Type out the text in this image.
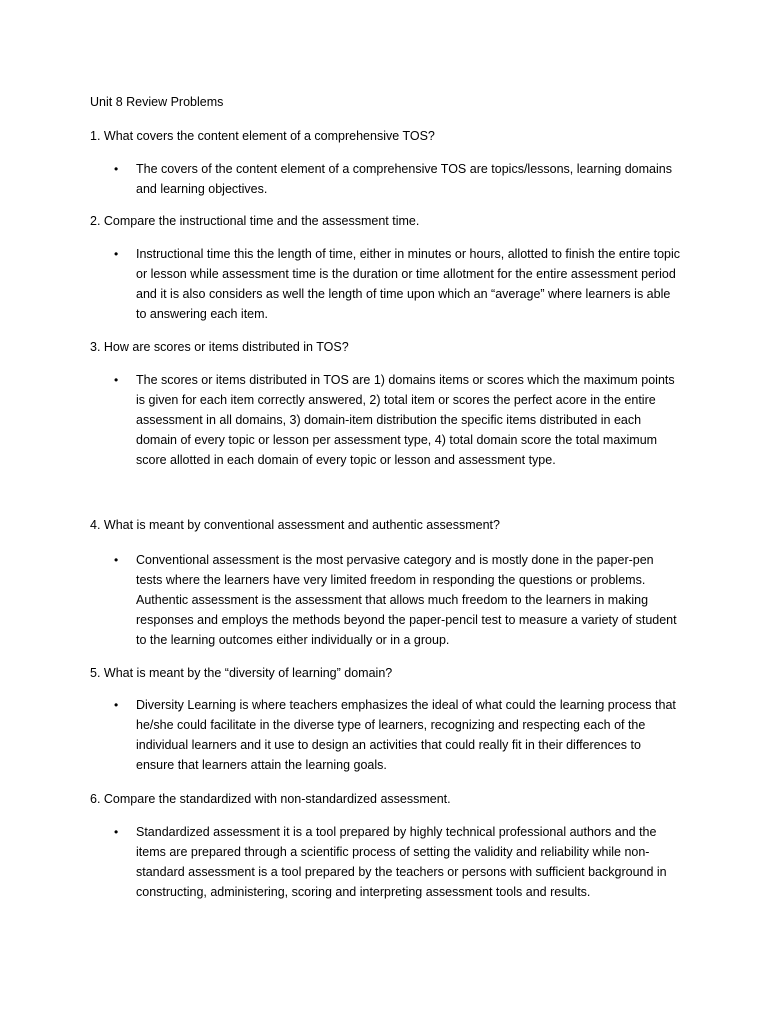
Unit 8 Review Problems

1. What covers the content element of a comprehensive TOS?

• The covers of the content element of a comprehensive TOS are topics/lessons, learning domains and learning objectives.

2. Compare the instructional time and the assessment time.

• Instructional time this the length of time, either in minutes or hours, allotted to finish the entire topic or lesson while assessment time is the duration or time allotment for the entire assessment period and it is also considers as well the length of time upon which an “average” where learners is able to answering each item.

3. How are scores or items distributed in TOS?

• The scores or items distributed in TOS are 1) domains items or scores which the maximum points is given for each item correctly answered, 2) total item or scores the perfect acore in the entire assessment in all domains, 3) domain-item distribution the specific items distributed in each domain of every topic or lesson per assessment type, 4) total domain score the total maximum score allotted in each domain of every topic or lesson and assessment type.

4. What is meant by conventional assessment and authentic assessment?

• Conventional assessment is the most pervasive category and is mostly done in the paper-pen tests where the learners have very limited freedom in responding the questions or problems. Authentic assessment is the assessment that allows much freedom to the learners in making responses and employs the methods beyond the paper-pencil test to measure a variety of student to the learning outcomes either individually or in a group.

5. What is meant by the “diversity of learning” domain?

• Diversity Learning is where teachers emphasizes the ideal of what could the learning process that he/she could facilitate in the diverse type of learners, recognizing and respecting each of the individual learners and it use to design an activities that could really fit in their differences to ensure that learners attain the learning goals.

6. Compare the standardized with non-standardized assessment.

• Standardized assessment it is a tool prepared by highly technical professional authors and the items are prepared through a scientific process of setting the validity and reliability while non-standard assessment is a tool prepared by the teachers or persons with sufficient background in constructing, administering, scoring and interpreting assessment tools and results.
